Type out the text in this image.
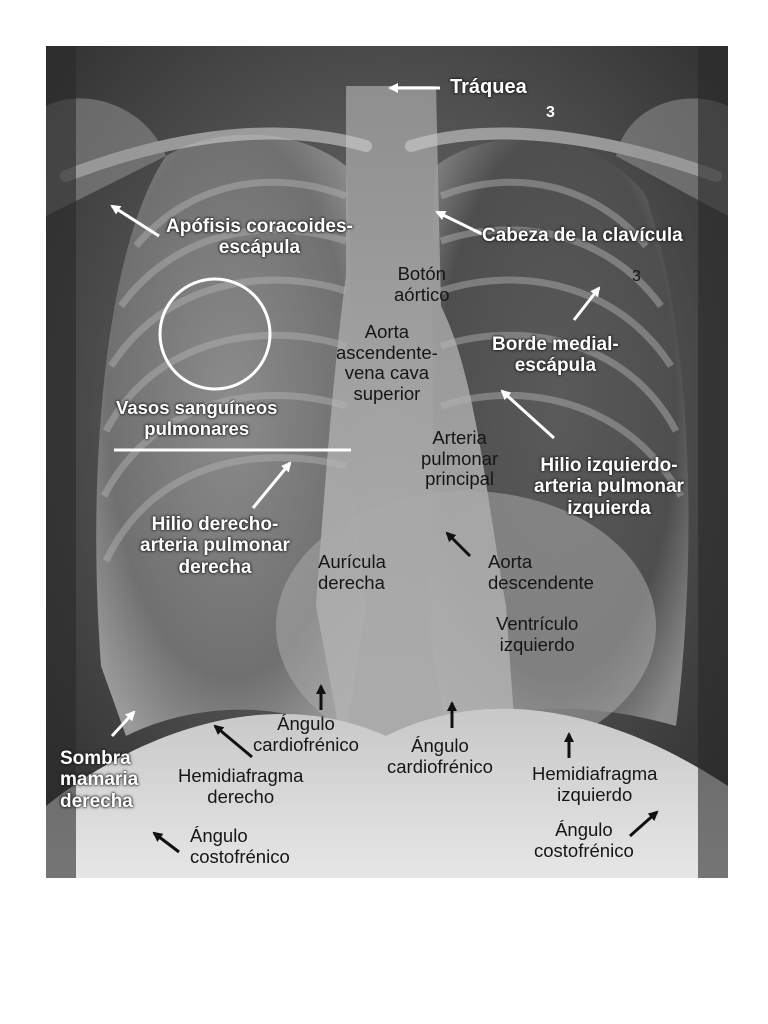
Tráquea
3
Apófisis coracoides-
escápula
Cabeza de la clavícula
Borde medial-
escápula
Vasos sanguíneos
pulmonares
Hilio izquierdo-
arteria pulmonar
izquierda
Hilio derecho-
arteria pulmonar
derecha
Sombra
mamaria
derecha
Botón
aórtico
3
Aorta
ascendente-
vena cava
superior
Arteria
pulmonar
principal
Aurícula
derecha
Aorta
descendente
Ventrículo
izquierdo
Ángulo
cardiofrénico	Ángulo
cardiofrénico
Hemidiafragma
derecho
Hemidiafragma
izquierdo
Ángulo
costofrénico
Ángulo
costofrénico
